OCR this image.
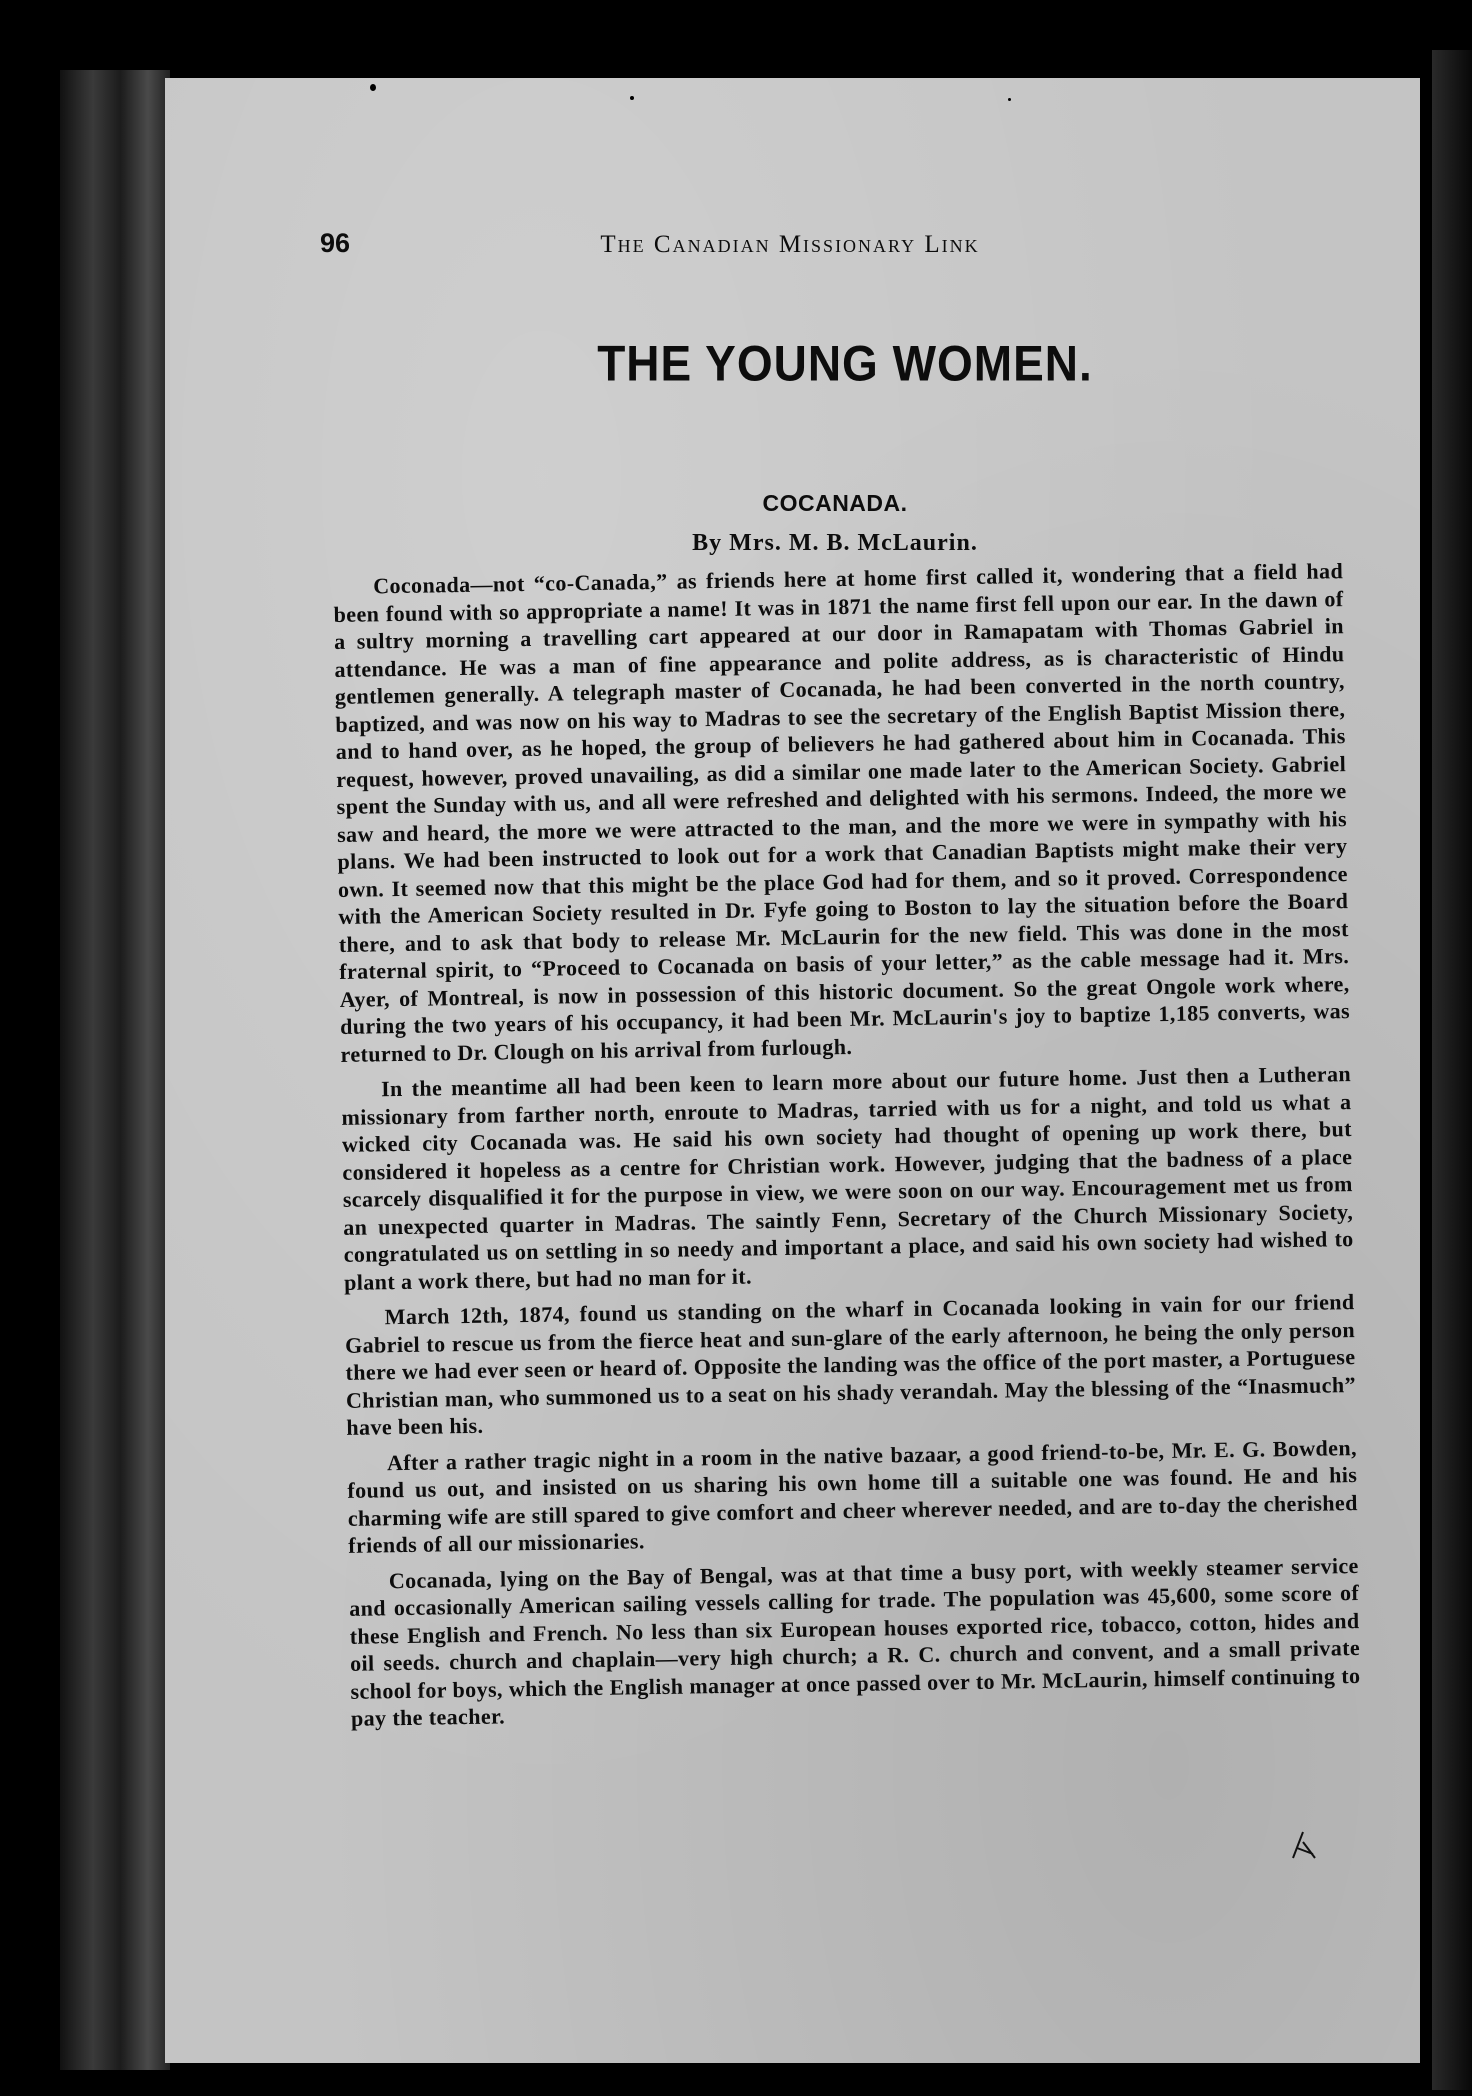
96	The Canadian Missionary Link
THE YOUNG WOMEN.
COCANADA.
By Mrs. M. B. McLaurin.

Coconada—not “co-Canada,” as friends here at home first called it, wondering that a field had been found with so appropriate a name! It was in 1871 the name first fell upon our ear. In the dawn of a sultry morning a travelling cart appeared at our door in Ramapatam with Thomas Gabriel in attendance. He was a man of fine appearance and polite address, as is characteristic of Hindu gentlemen generally. A telegraph master of Cocanada, he had been converted in the north country, baptized, and was now on his way to Madras to see the secretary of the English Baptist Mission there, and to hand over, as he hoped, the group of believers he had gathered about him in Cocanada. This request, however, proved unavailing, as did a similar one made later to the American Society. Gabriel spent the Sunday with us, and all were refreshed and delighted with his sermons. Indeed, the more we saw and heard, the more we were attracted to the man, and the more we were in sympathy with his plans. We had been instructed to look out for a work that Canadian Baptists might make their very own. It seemed now that this might be the place God had for them, and so it proved. Correspondence with the American Society resulted in Dr. Fyfe going to Boston to lay the situation before the Board there, and to ask that body to release Mr. McLaurin for the new field. This was done in the most fraternal spirit, to “Proceed to Cocanada on basis of your letter,” as the cable message had it. Mrs. Ayer, of Montreal, is now in possession of this historic document. So the great Ongole work where, during the two years of his occupancy, it had been Mr. McLaurin's joy to baptize 1,185 converts, was returned to Dr. Clough on his arrival from furlough.

In the meantime all had been keen to learn more about our future home. Just then a Lutheran missionary from farther north, enroute to Madras, tarried with us for a night, and told us what a wicked city Cocanada was. He said his own society had thought of opening up work there, but considered it hopeless as a centre for Christian work. However, judging that the badness of a place scarcely disqualified it for the purpose in view, we were soon on our way. Encouragement met us from an unexpected quarter in Madras. The saintly Fenn, Secretary of the Church Missionary Society, congratulated us on settling in so needy and important a place, and said his own society had wished to plant a work there, but had no man for it.

March 12th, 1874, found us standing on the wharf in Cocanada looking in vain for our friend Gabriel to rescue us from the fierce heat and sun-glare of the early afternoon, he being the only person there we had ever seen or heard of. Opposite the landing was the office of the port master, a Portuguese Christian man, who summoned us to a seat on his shady verandah. May the blessing of the “Inasmuch” have been his.

After a rather tragic night in a room in the native bazaar, a good friend-to-be, Mr. E. G. Bowden, found us out, and insisted on us sharing his own home till a suitable one was found. He and his charming wife are still spared to give comfort and cheer wherever needed, and are to-day the cherished friends of all our missionaries.

Cocanada, lying on the Bay of Bengal, was at that time a busy port, with weekly steamer service and occasionally American sailing vessels calling for trade. The population was 45,600, some score of these English and French. No less than six European houses exported rice, tobacco, cotton, hides and oil seeds. church and chaplain—very high church; a R. C. church and convent, and a small private school for boys, which the English manager at once passed over to Mr. McLaurin, himself continuing to pay the teacher.
